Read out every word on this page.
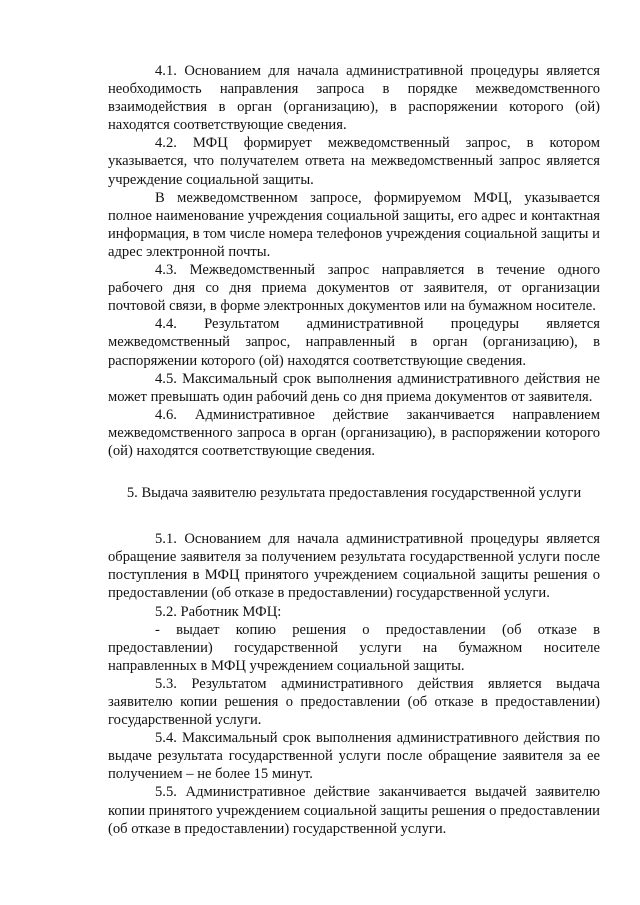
4.1. Основанием для начала административной процедуры является необходимость направления запроса в порядке межведомственного взаимодействия в орган (организацию), в распоряжении которого (ой) находятся соответствующие сведения.

4.2. МФЦ формирует межведомственный запрос, в котором указывается, что получателем ответа на межведомственный запрос является учреждение социальной защиты.

В межведомственном запросе, формируемом МФЦ, указывается полное наименование учреждения социальной защиты, его адрес и контактная информация, в том числе номера телефонов учреждения социальной защиты и адрес электронной почты.

4.3. Межведомственный запрос направляется в течение одного рабочего дня со дня приема документов от заявителя, от организации почтовой связи, в форме электронных документов или на бумажном носителе.

4.4. Результатом административной процедуры является межведомственный запрос, направленный в орган (организацию), в распоряжении которого (ой) находятся соответствующие сведения.

4.5. Максимальный срок выполнения административного действия не может превышать один рабочий день со дня приема документов от заявителя.

4.6. Административное действие заканчивается направлением межведомственного запроса в орган (организацию), в распоряжении которого (ой) находятся соответствующие сведения.

5. Выдача заявителю результата предоставления государственной услуги

5.1. Основанием для начала административной процедуры является обращение заявителя за получением результата государственной услуги после поступления в МФЦ принятого учреждением социальной защиты решения о предоставлении (об отказе в предоставлении) государственной услуги.

5.2. Работник МФЦ:

- выдает копию решения о предоставлении (об отказе в предоставлении) государственной услуги на бумажном носителе направленных в МФЦ учреждением социальной защиты.

5.3. Результатом административного действия является выдача заявителю копии решения о предоставлении (об отказе в предоставлении) государственной услуги.

5.4. Максимальный срок выполнения административного действия по выдаче результата государственной услуги после обращение заявителя за ее получением – не более 15 минут.

5.5. Административное действие заканчивается выдачей заявителю копии принятого учреждением социальной защиты решения о предоставлении (об отказе в предоставлении) государственной услуги.
